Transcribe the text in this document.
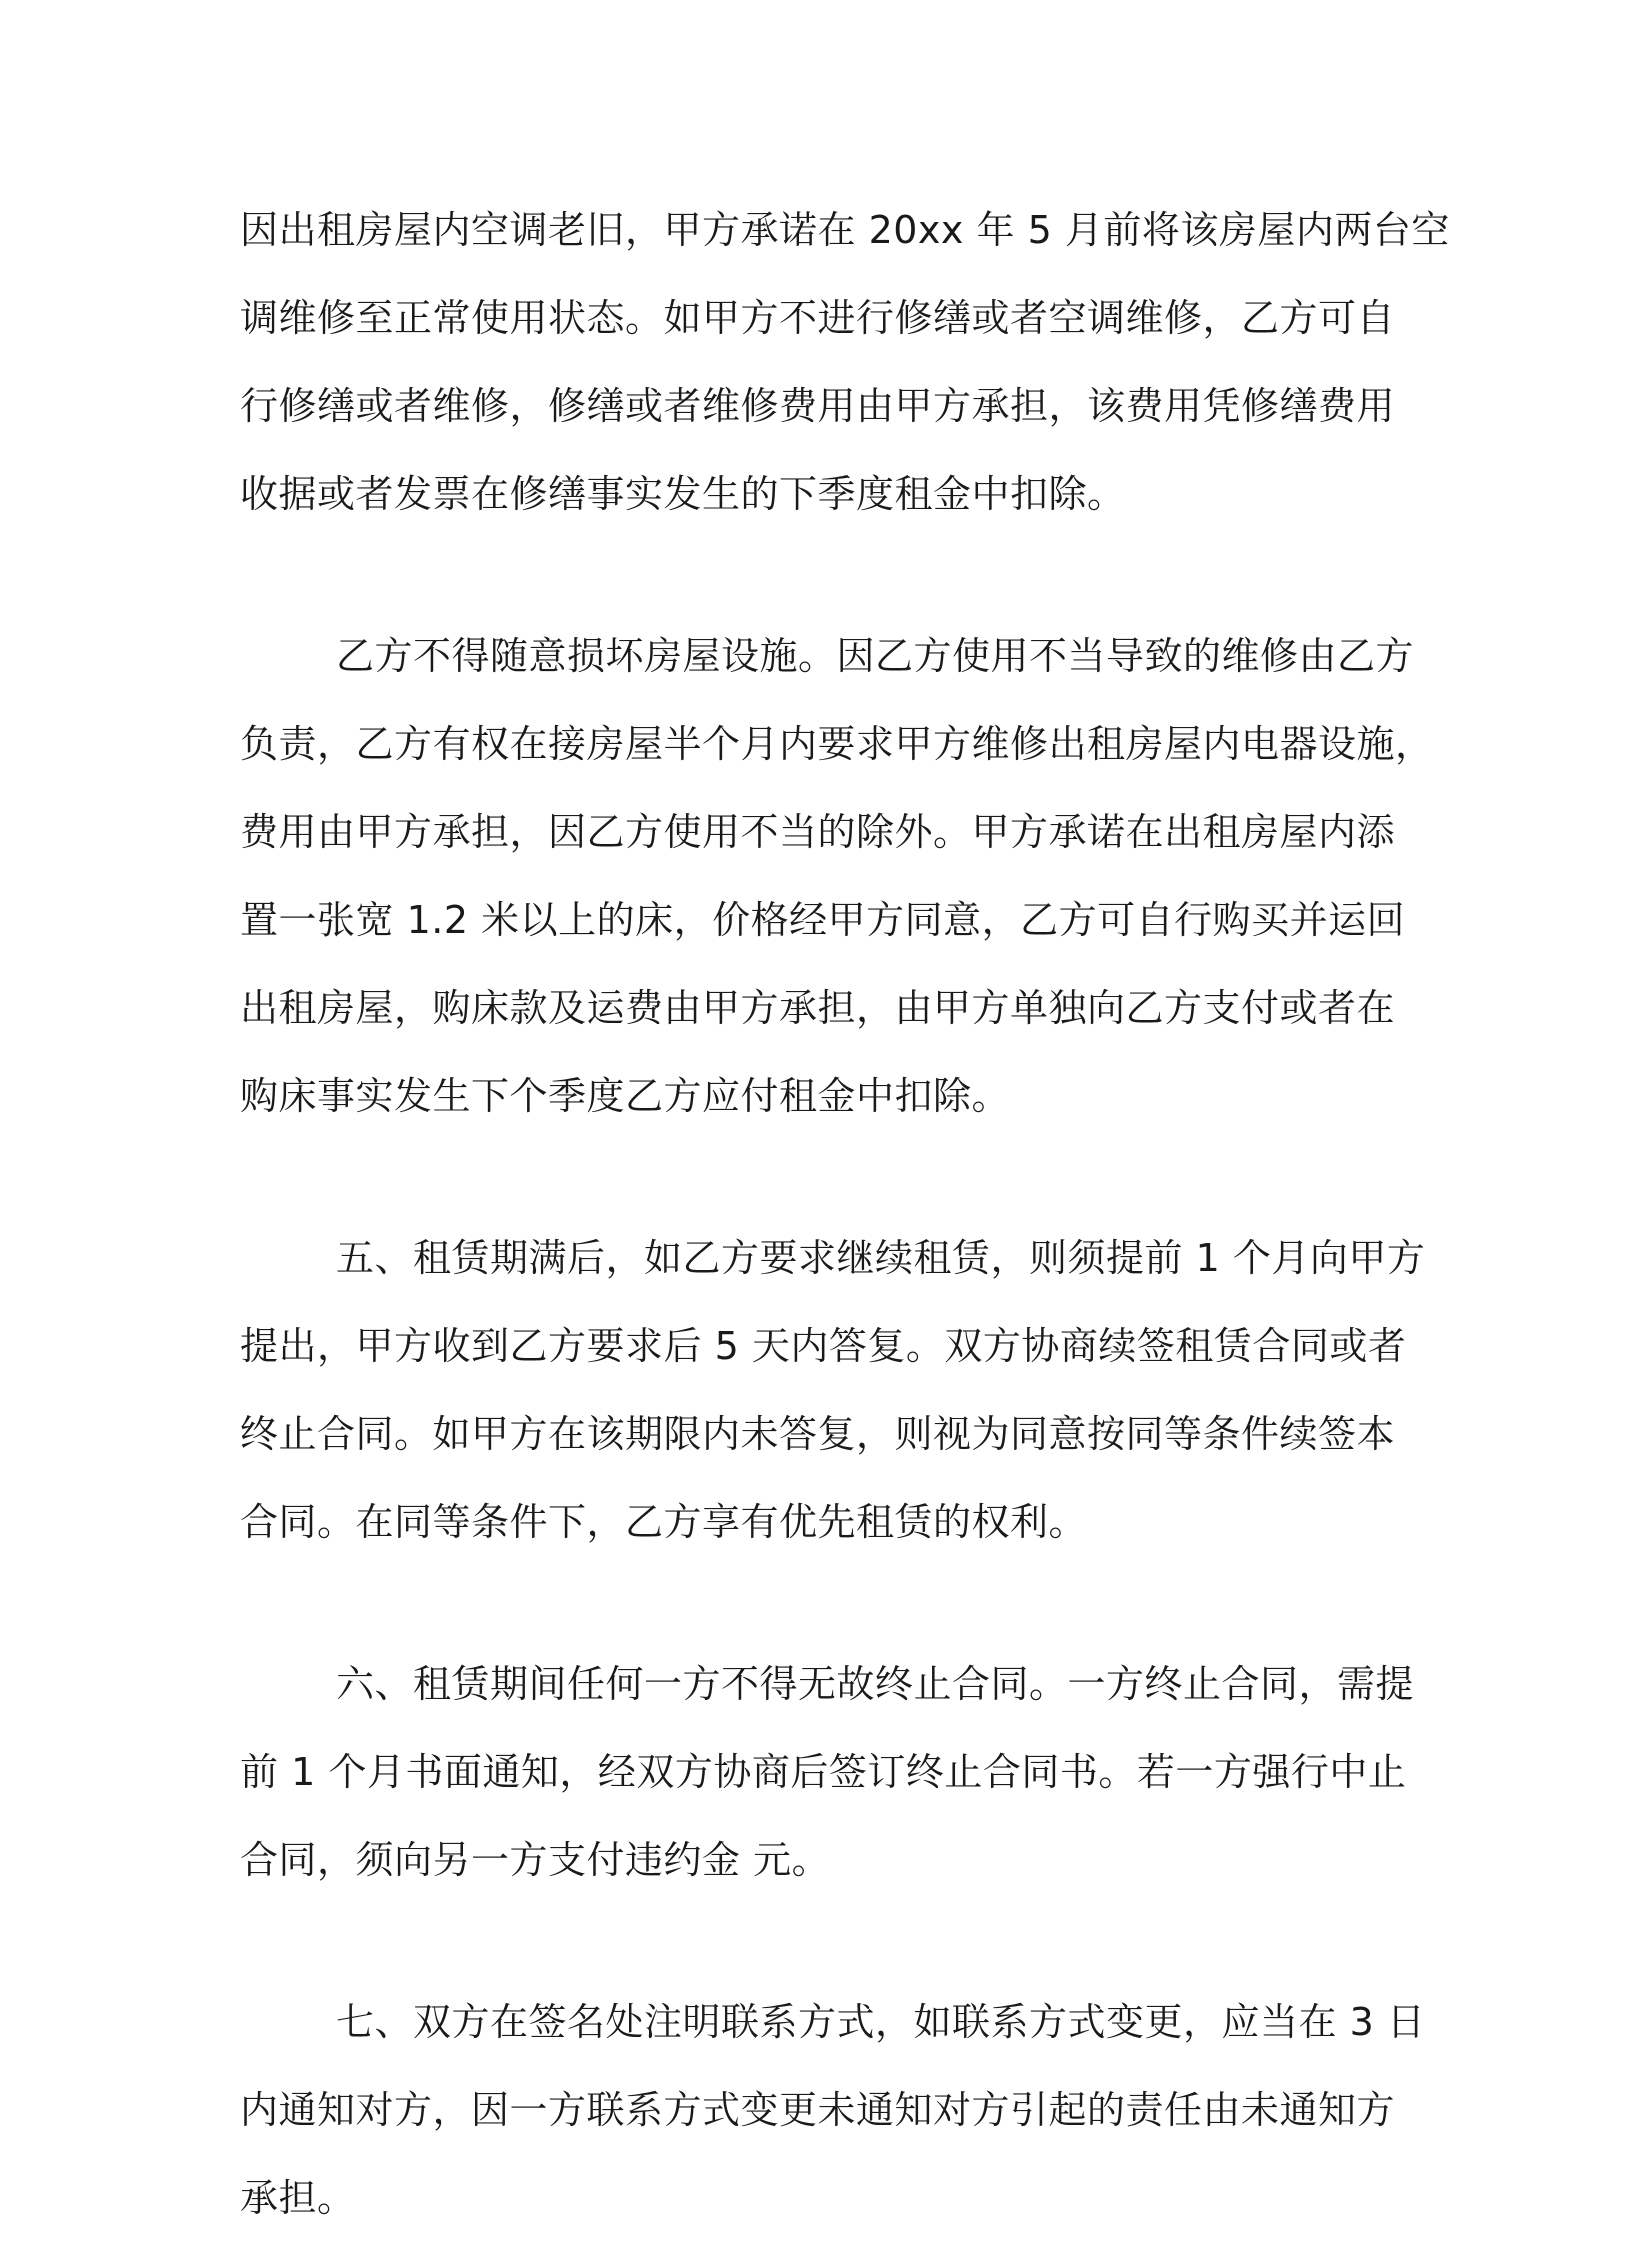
因出租房屋内空调老旧，甲方承诺在 20xx 年 5 月前将该房屋内两台空
调维修至正常使用状态。如甲方不进行修缮或者空调维修，乙方可自
行修缮或者维修，修缮或者维修费用由甲方承担，该费用凭修缮费用
收据或者发票在修缮事实发生的下季度租金中扣除。

乙方不得随意损坏房屋设施。因乙方使用不当导致的维修由乙方
负责，乙方有权在接房屋半个月内要求甲方维修出租房屋内电器设施，
费用由甲方承担，因乙方使用不当的除外。甲方承诺在出租房屋内添
置一张宽 1.2 米以上的床，价格经甲方同意，乙方可自行购买并运回
出租房屋，购床款及运费由甲方承担，由甲方单独向乙方支付或者在
购床事实发生下个季度乙方应付租金中扣除。

五、租赁期满后，如乙方要求继续租赁，则须提前 1 个月向甲方
提出，甲方收到乙方要求后 5 天内答复。双方协商续签租赁合同或者
终止合同。如甲方在该期限内未答复，则视为同意按同等条件续签本
合同。在同等条件下，乙方享有优先租赁的权利。

六、租赁期间任何一方不得无故终止合同。一方终止合同，需提
前 1 个月书面通知，经双方协商后签订终止合同书。若一方强行中止
合同，须向另一方支付违约金 元。

七、双方在签名处注明联系方式，如联系方式变更，应当在 3 日
内通知对方，因一方联系方式变更未通知对方引起的责任由未通知方
承担。
